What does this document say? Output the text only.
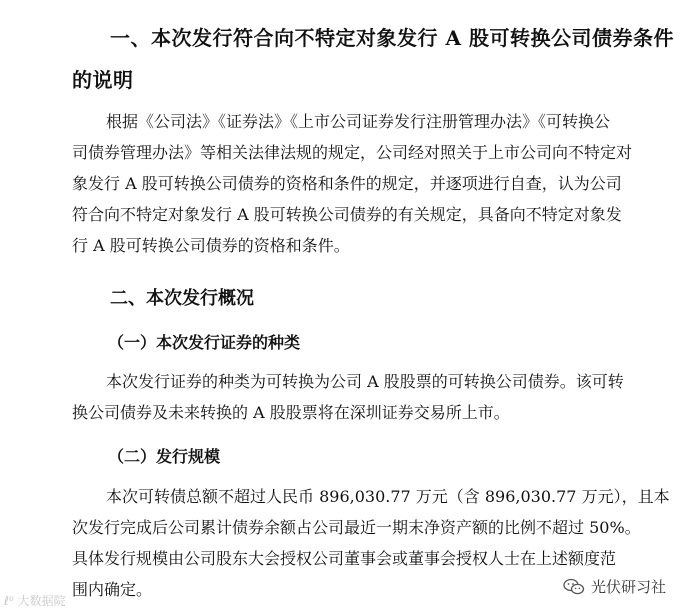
一、本次发行符合向不特定对象发行 A 股可转换公司债券条件
的说明
根据《公司法》《证券法》《上市公司证券发行注册管理办法》《可转换公
司债券管理办法》等相关法律法规的规定，公司经对照关于上市公司向不特定对
象发行 A 股可转换公司债券的资格和条件的规定，并逐项进行自查，认为公司
符合向不特定对象发行 A 股可转换公司债券的有关规定，具备向不特定对象发
行 A 股可转换公司债券的资格和条件。
二、本次发行概况
（一）本次发行证券的种类
本次发行证券的种类为可转换为公司 A 股股票的可转换公司债券。该可转
换公司债券及未来转换的 A 股股票将在深圳证券交易所上市。
（二）发行规模
本次可转债总额不超过人民币 896,030.77 万元（含 896,030.77 万元），且本
次发行完成后公司累计债券余额占公司最近一期末净资产额的比例不超过 50%。
具体发行规模由公司股东大会授权公司董事会或董事会授权人士在上述额度范
围内确定。
ℓ⁰ 大数据院
光伏研习社
